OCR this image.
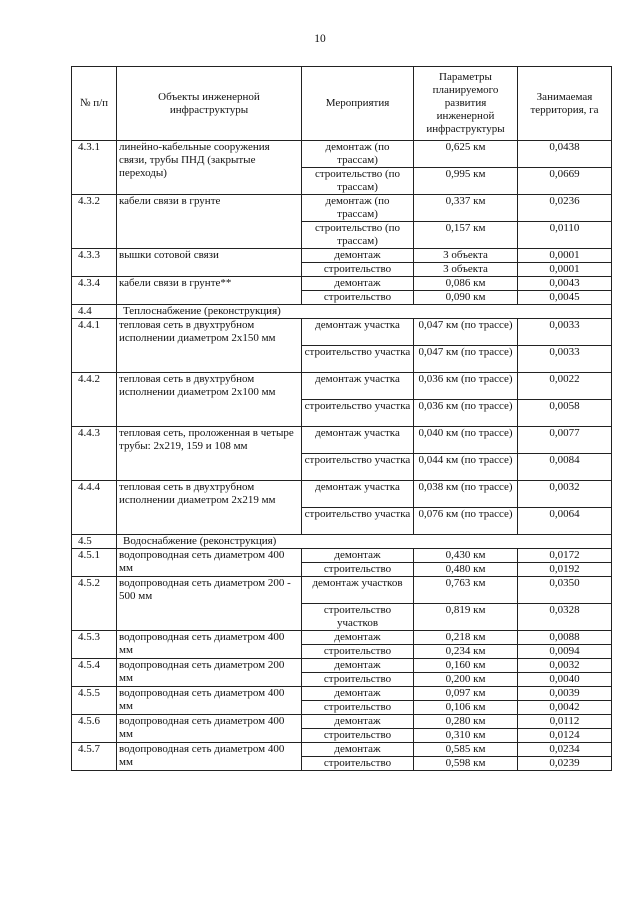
10
№ п/п	Объекты инженерной инфраструктуры	Мероприятия	Параметры планируемого развития инженерной инфраструктуры	Занимаемая территория, га
4.3.1	линейно-кабельные сооружения связи, трубы ПНД (закрытые переходы)	демонтаж (по трассам)	0,625 км	0,0438
		строительство (по трассам)	0,995 км	0,0669
4.3.2	кабели связи в грунте	демонтаж (по трассам)	0,337 км	0,0236
		строительство (по трассам)	0,157 км	0,0110
4.3.3	вышки сотовой связи	демонтаж	3 объекта	0,0001
		строительство	3 объекта	0,0001
4.3.4	кабели связи в грунте**	демонтаж	0,086 км	0,0043
		строительство	0,090 км	0,0045
4.4	Теплоснабжение (реконструкция)			
4.4.1	тепловая сеть в двухтрубном исполнении диаметром 2х150 мм	демонтаж участка	0,047 км (по трассе)	0,0033
		строительство участка	0,047 км (по трассе)	0,0033
4.4.2	тепловая сеть в двухтрубном исполнении диаметром 2х100 мм	демонтаж участка	0,036 км (по трассе)	0,0022
		строительство участка	0,036 км (по трассе)	0,0058
4.4.3	тепловая сеть, проложенная в четыре трубы: 2х219, 159 и 108 мм	демонтаж участка	0,040 км (по трассе)	0,0077
		строительство участка	0,044 км (по трассе)	0,0084
4.4.4	тепловая сеть в двухтрубном исполнении диаметром 2х219 мм	демонтаж участка	0,038 км (по трассе)	0,0032
		строительство участка	0,076 км (по трассе)	0,0064
4.5	Водоснабжение (реконструкция)			
4.5.1	водопроводная сеть диаметром 400 мм	демонтаж	0,430 км	0,0172
		строительство	0,480 км	0,0192
4.5.2	водопроводная сеть диаметром 200 - 500 мм	демонтаж участков	0,763 км	0,0350
		строительство участков	0,819 км	0,0328
4.5.3	водопроводная сеть диаметром 400 мм	демонтаж	0,218 км	0,0088
		строительство	0,234 км	0,0094
4.5.4	водопроводная сеть диаметром 200 мм	демонтаж	0,160 км	0,0032
		строительство	0,200 км	0,0040
4.5.5	водопроводная сеть диаметром 400 мм	демонтаж	0,097 км	0,0039
		строительство	0,106 км	0,0042
4.5.6	водопроводная сеть диаметром 400 мм	демонтаж	0,280 км	0,0112
		строительство	0,310 км	0,0124
4.5.7	водопроводная сеть диаметром 400 мм	демонтаж	0,585 км	0,0234
		строительство	0,598 км	0,0239
